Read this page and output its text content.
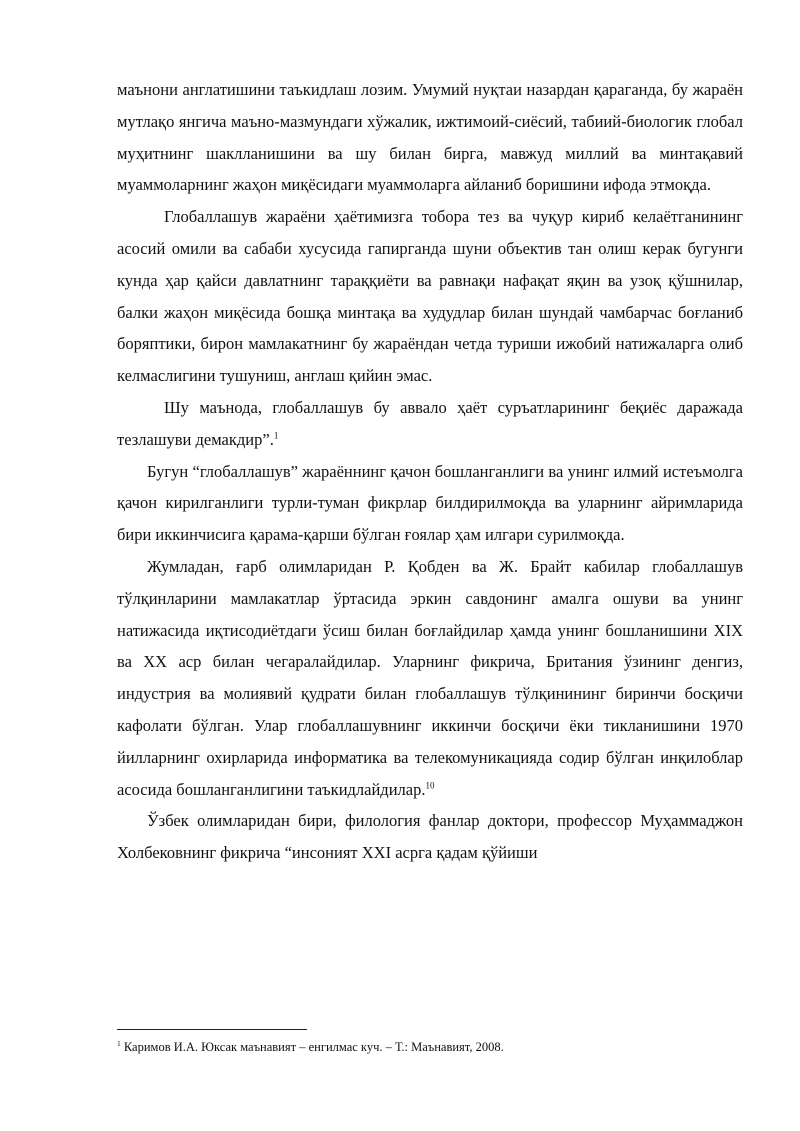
маънони англатишини таъкидлаш лозим. Умумий нуқтаи назардан қараганда, бу жараён мутлақо янгича маъно-мазмундаги хўжалик, ижтимоий-сиёсий, табиий-биологик глобал муҳитнинг шаклланишини ва шу билан бирга, мавжуд миллий ва минтақавий муаммоларнинг жаҳон миқёсидаги муаммоларга айланиб боришини ифода этмоқда.

Глобаллашув жараёни ҳаётимизга тобора тез ва чуқур кириб келаётганининг асосий омили ва сабаби хусусида гапирганда шуни объектив тан олиш керак бугунги кунда ҳар қайси давлатнинг тараққиёти ва равнақи нафақат яқин ва узоқ қўшнилар, балки жаҳон миқёсида бошқа минтақа ва худудлар билан шундай чамбарчас боғланиб боряптики, бирон мамлакатнинг бу жараёндан четда туриши ижобий натижаларга олиб келмаслигини тушуниш, англаш қийин эмас.

Шу маънода, глобаллашув бу аввало ҳаёт суръатларининг беқиёс даражада тезлашуви демакдир”.$^1$

Бугун “глобаллашув” жараённинг қачон бошланганлиги ва унинг илмий истеъмолга қачон кирилганлиги турли-туман фикрлар билдирилмоқда ва уларнинг айримларида бири иккинчисига қарама-қарши бўлган ғоялар ҳам илгари сурилмоқда.

Жумладан, ғарб олимларидан Р. Қобден ва Ж. Брайт кабилар глобаллашув тўлқинларини мамлакатлар ўртасида эркин савдонинг амалга ошуви ва унинг натижасида иқтисодиётдаги ўсиш билан боғлайдилар ҳамда унинг бошланишини XIX ва XX аср билан чегаралайдилар. Уларнинг фикрича, Британия ўзининг денгиз, индустрия ва молиявий қудрати билан глобаллашув тўлқинининг биринчи босқичи кафолати бўлган. Улар глобаллашувнинг иккинчи босқичи ёки тикланишини 1970 йилларнинг охирларида информатика ва телекомуникацияда содир бўлган инқилоблар асосида бошланганлигини таъкидлайдилар.$^{10}$

Ўзбек олимларидан бири, филология фанлар доктори, профессор Муҳаммаджон Холбековнинг фикрича “инсоният XXI асрга қадам қўйиши

$^1$ Каримов И.А. Юксак маънавият – енгилмас куч. – Т.: Маънавият, 2008.
